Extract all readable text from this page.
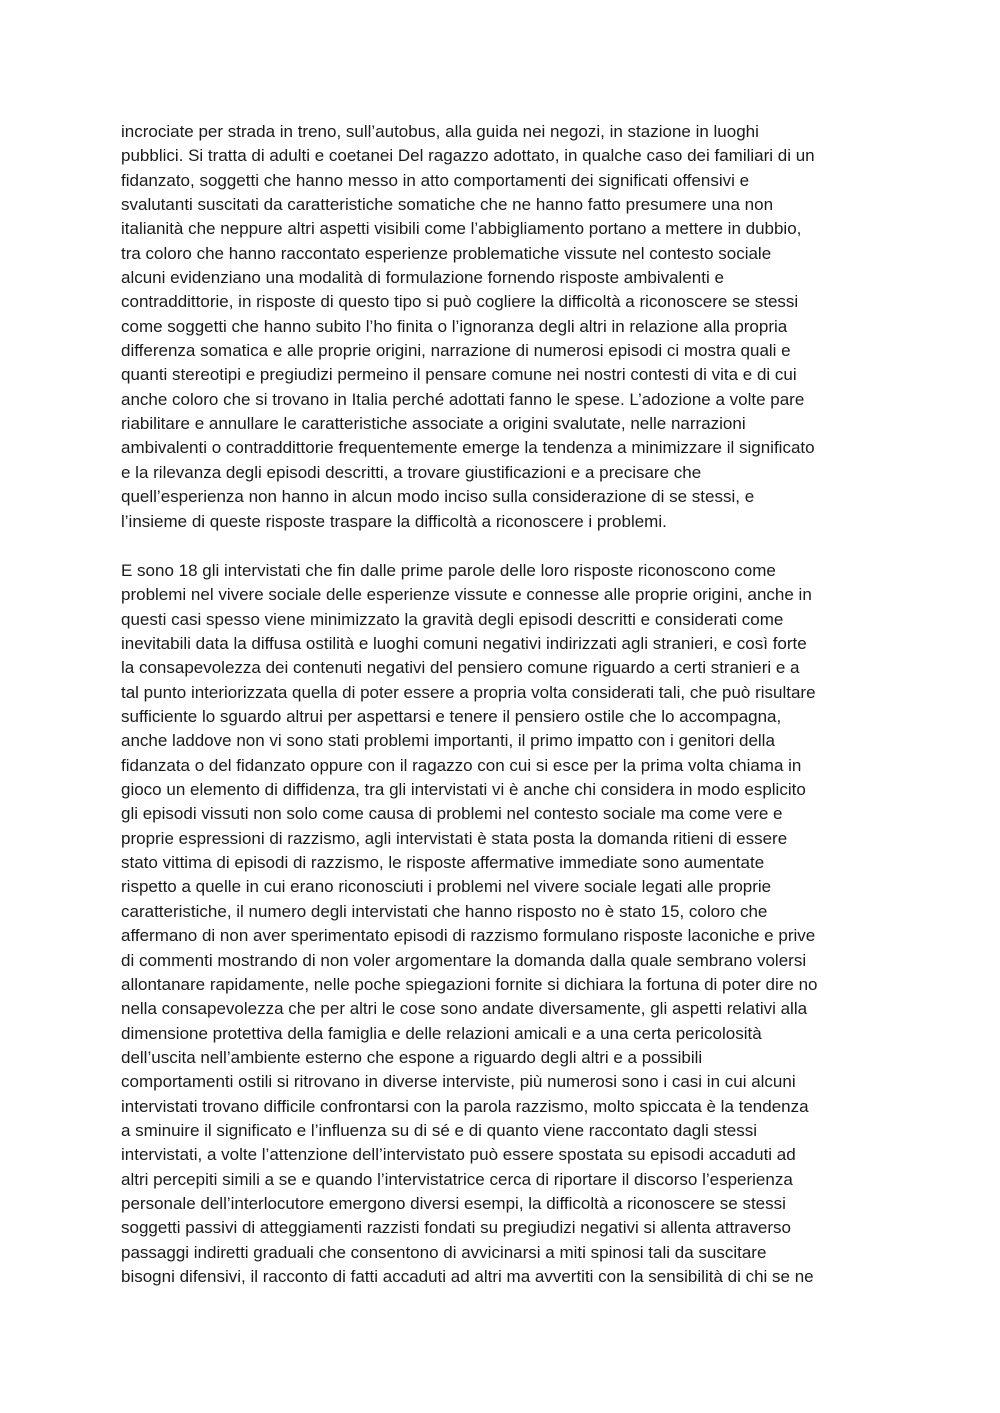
incrociate per strada in treno, sull’autobus, alla guida nei negozi, in stazione in luoghi
pubblici. Si tratta di adulti e coetanei Del ragazzo adottato, in qualche caso dei familiari di un
fidanzato, soggetti che hanno messo in atto comportamenti dei significati offensivi e
svalutanti suscitati da caratteristiche somatiche che ne hanno fatto presumere una non
italianità che neppure altri aspetti visibili come l’abbigliamento portano a mettere in dubbio,
tra coloro che hanno raccontato esperienze problematiche vissute nel contesto sociale
alcuni evidenziano una modalità di formulazione fornendo risposte ambivalenti e
contraddittorie, in risposte di questo tipo si può cogliere la difficoltà a riconoscere se stessi
come soggetti che hanno subito l’ho finita o l’ignoranza degli altri in relazione alla propria
differenza somatica e alle proprie origini, narrazione di numerosi episodi ci mostra quali e
quanti stereotipi e pregiudizi permeino il pensare comune nei nostri contesti di vita e di cui
anche coloro che si trovano in Italia perché adottati fanno le spese. L’adozione a volte pare
riabilitare e annullare le caratteristiche associate a origini svalutate, nelle narrazioni
ambivalenti o contraddittorie frequentemente emerge la tendenza a minimizzare il significato
e la rilevanza degli episodi descritti, a trovare giustificazioni e a precisare che
quell’esperienza non hanno in alcun modo inciso sulla considerazione di se stessi, e
l’insieme di queste risposte traspare la difficoltà a riconoscere i problemi.
E sono 18 gli intervistati che fin dalle prime parole delle loro risposte riconoscono come
problemi nel vivere sociale delle esperienze vissute e connesse alle proprie origini, anche in
questi casi spesso viene minimizzato la gravità degli episodi descritti e considerati come
inevitabili data la diffusa ostilità e luoghi comuni negativi indirizzati agli stranieri, e così forte
la consapevolezza dei contenuti negativi del pensiero comune riguardo a certi stranieri e a
tal punto interiorizzata quella di poter essere a propria volta considerati tali, che può risultare
sufficiente lo sguardo altrui per aspettarsi e tenere il pensiero ostile che lo accompagna,
anche laddove non vi sono stati problemi importanti, il primo impatto con i genitori della
fidanzata o del fidanzato oppure con il ragazzo con cui si esce per la prima volta chiama in
gioco un elemento di diffidenza, tra gli intervistati vi è anche chi considera in modo esplicito
gli episodi vissuti non solo come causa di problemi nel contesto sociale ma come vere e
proprie espressioni di razzismo, agli intervistati è stata posta la domanda ritieni di essere
stato vittima di episodi di razzismo, le risposte affermative immediate sono aumentate
rispetto a quelle in cui erano riconosciuti i problemi nel vivere sociale legati alle proprie
caratteristiche, il numero degli intervistati che hanno risposto no è stato 15, coloro che
affermano di non aver sperimentato episodi di razzismo formulano risposte laconiche e prive
di commenti mostrando di non voler argomentare la domanda dalla quale sembrano volersi
allontanare rapidamente, nelle poche spiegazioni fornite si dichiara la fortuna di poter dire no
nella consapevolezza che per altri le cose sono andate diversamente, gli aspetti relativi alla
dimensione protettiva della famiglia e delle relazioni amicali e a una certa pericolosità
dell’uscita nell’ambiente esterno che espone a riguardo degli altri e a possibili
comportamenti ostili si ritrovano in diverse interviste, più numerosi sono i casi in cui alcuni
intervistati trovano difficile confrontarsi con la parola razzismo, molto spiccata è la tendenza
a sminuire il significato e l’influenza su di sé e di quanto viene raccontato dagli stessi
intervistati, a volte l’attenzione dell’intervistato può essere spostata su episodi accaduti ad
altri percepiti simili a se e quando l’intervistatrice cerca di riportare il discorso l’esperienza
personale dell’interlocutore emergono diversi esempi, la difficoltà a riconoscere se stessi
soggetti passivi di atteggiamenti razzisti fondati su pregiudizi negativi si allenta attraverso
passaggi indiretti graduali che consentono di avvicinarsi a miti spinosi tali da suscitare
bisogni difensivi, il racconto di fatti accaduti ad altri ma avvertiti con la sensibilità di chi se ne
